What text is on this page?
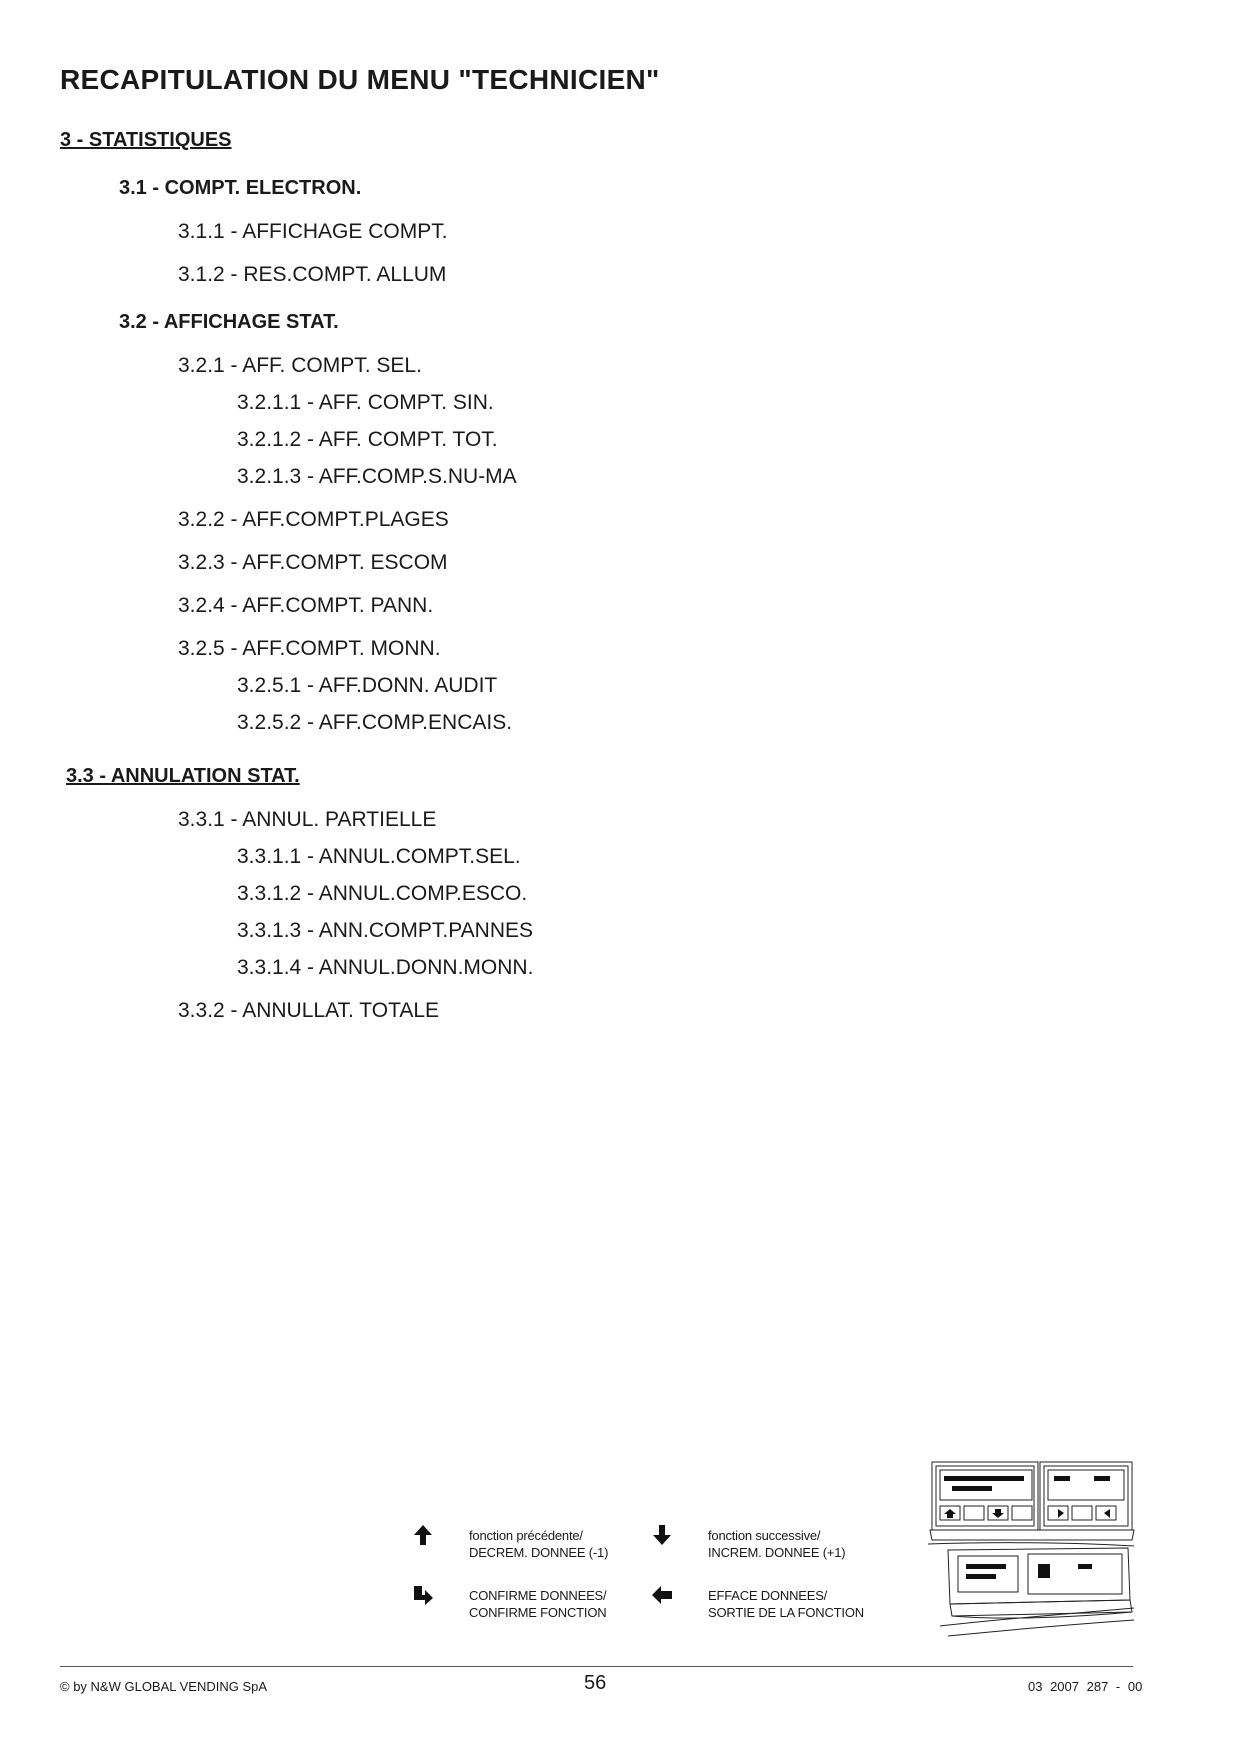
RECAPITULATION DU MENU "TECHNICIEN"
3 - STATISTIQUES
3.1 - COMPT. ELECTRON.
3.1.1 - AFFICHAGE COMPT.
3.1.2 - RES.COMPT. ALLUM
3.2 - AFFICHAGE STAT.
3.2.1 - AFF. COMPT. SEL.
3.2.1.1 - AFF. COMPT. SIN.
3.2.1.2 - AFF. COMPT. TOT.
3.2.1.3 - AFF.COMP.S.NU-MA
3.2.2 - AFF.COMPT.PLAGES
3.2.3 - AFF.COMPT. ESCOM
3.2.4 - AFF.COMPT. PANN.
3.2.5 - AFF.COMPT. MONN.
3.2.5.1 - AFF.DONN. AUDIT
3.2.5.2 - AFF.COMP.ENCAIS.
3.3 - ANNULATION STAT.
3.3.1 - ANNUL. PARTIELLE
3.3.1.1 - ANNUL.COMPT.SEL.
3.3.1.2 - ANNUL.COMP.ESCO.
3.3.1.3 - ANN.COMPT.PANNES
3.3.1.4 - ANNUL.DONN.MONN.
3.3.2 - ANNULLAT. TOTALE
fonction précédente/
DECREM. DONNEE (-1)
fonction successive/
INCREM. DONNEE (+1)
CONFIRME DONNEES/
CONFIRME FONCTION
EFFACE DONNEES/
SORTIE DE LA FONCTION
© by N&W GLOBAL VENDING SpA	56	03 2007 287 - 00
